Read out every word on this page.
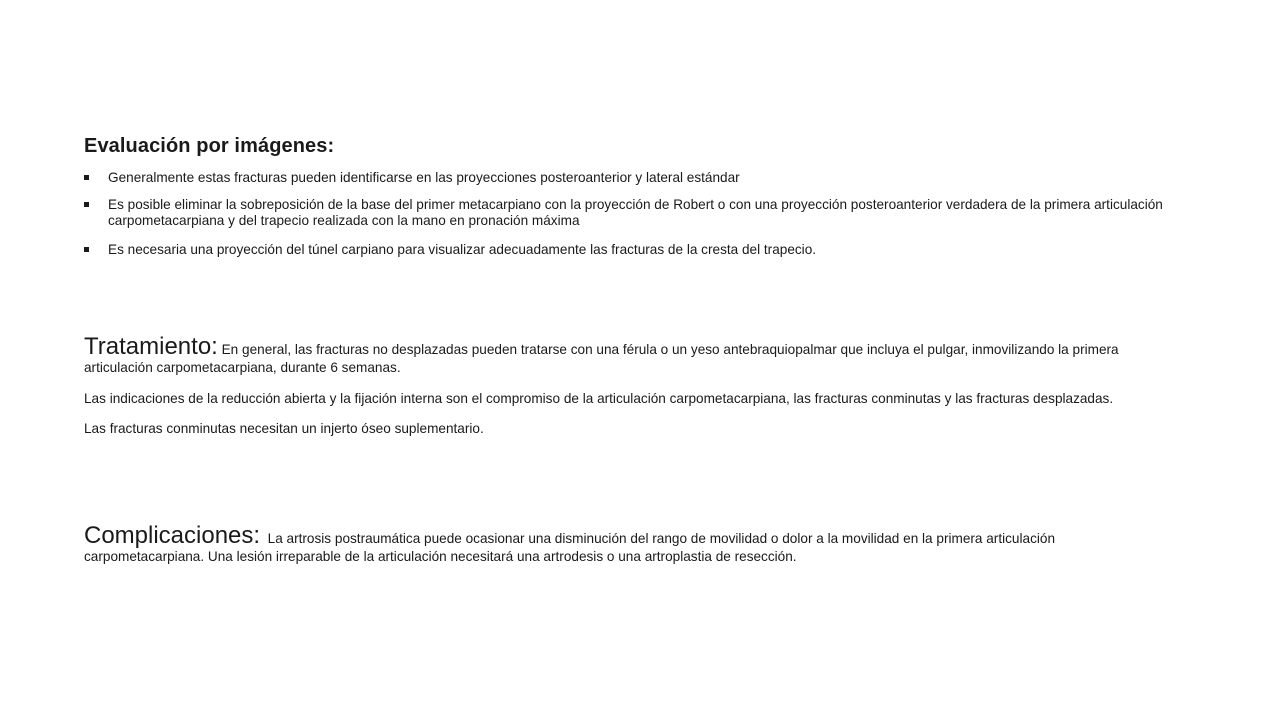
Evaluación por imágenes:
Generalmente estas fracturas pueden identificarse en las proyecciones posteroanterior y lateral estándar
Es posible eliminar la sobreposición de la base del primer metacarpiano con la proyección de Robert o con una proyección posteroanterior verdadera de la primera articulación carpometacarpiana y del trapecio realizada con la mano en pronación máxima
Es necesaria una proyección del túnel carpiano para visualizar adecuadamente las fracturas de la cresta del trapecio.

Tratamiento: En general, las fracturas no desplazadas pueden tratarse con una férula o un yeso antebraquiopalmar que incluya el pulgar, inmovilizando la primera articulación carpometacarpiana, durante 6 semanas.

Las indicaciones de la reducción abierta y la fijación interna son el compromiso de la articulación carpometacarpiana, las fracturas conminutas y las fracturas desplazadas.

Las fracturas conminutas necesitan un injerto óseo suplementario.

Complicaciones: La artrosis postraumática puede ocasionar una disminución del rango de movilidad o dolor a la movilidad en la primera articulación carpometacarpiana. Una lesión irreparable de la articulación necesitará una artrodesis o una artroplastia de resección.
